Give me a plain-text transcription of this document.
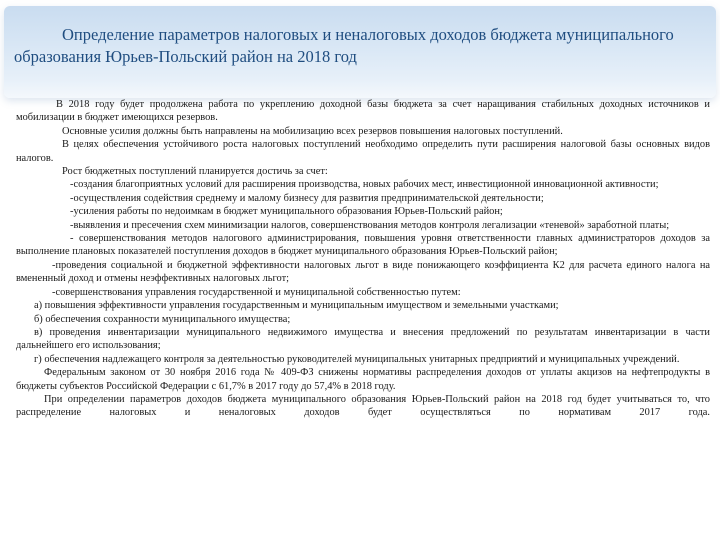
Определение параметров налоговых и неналоговых доходов бюджета муниципального образования Юрьев-Польский район на 2018 год

В 2018 году будет продолжена работа по укреплению доходной базы бюджета за счет наращивания стабильных доходных источников и мобилизации в бюджет имеющихся резервов.

Основные усилия должны быть направлены на мобилизацию всех резервов повышения налоговых поступлений.

В целях обеспечения устойчивого роста налоговых поступлений необходимо определить пути расширения налоговой базы основных видов налогов.

Рост бюджетных поступлений планируется достичь за счет:

-создания благоприятных условий для расширения производства, новых рабочих мест, инвестиционной инновационной активности;

-осуществления содействия среднему и малому бизнесу для развития предпринимательской деятельности;

-усиления работы по недоимкам в бюджет муниципального образования Юрьев-Польский район;

-выявления и пресечения схем минимизации налогов, совершенствования методов контроля легализации «теневой» заработной платы;

- совершенствования методов налогового администрирования, повышения уровня ответственности главных администраторов доходов за выполнение плановых показателей поступления доходов в бюджет муниципального образования Юрьев-Польский район;

-проведения социальной и бюджетной эффективности налоговых льгот в виде понижающего коэффициента К2 для расчета единого налога на вмененный доход и отмены неэффективных налоговых льгот;

-совершенствования управления государственной и муниципальной собственностью путем:

а) повышения эффективности управления государственным и муниципальным имуществом и земельными участками;

б) обеспечения сохранности муниципального имущества;

в) проведения инвентаризации муниципального недвижимого имущества и внесения предложений по результатам инвентаризации в части дальнейшего его использования;

г) обеспечения надлежащего контроля за деятельностью руководителей муниципальных унитарных предприятий и муниципальных учреждений.

Федеральным законом от 30 ноября 2016 года № 409-ФЗ снижены нормативы распределения доходов от уплаты акцизов на нефтепродукты в бюджеты субъектов Российской Федерации с 61,7% в 2017 году до 57,4% в 2018 году.

При определении параметров доходов бюджета муниципального образования Юрьев-Польский район на 2018 год будет учитываться то, что распределение налоговых и неналоговых доходов будет осуществляться по нормативам 2017 года.
